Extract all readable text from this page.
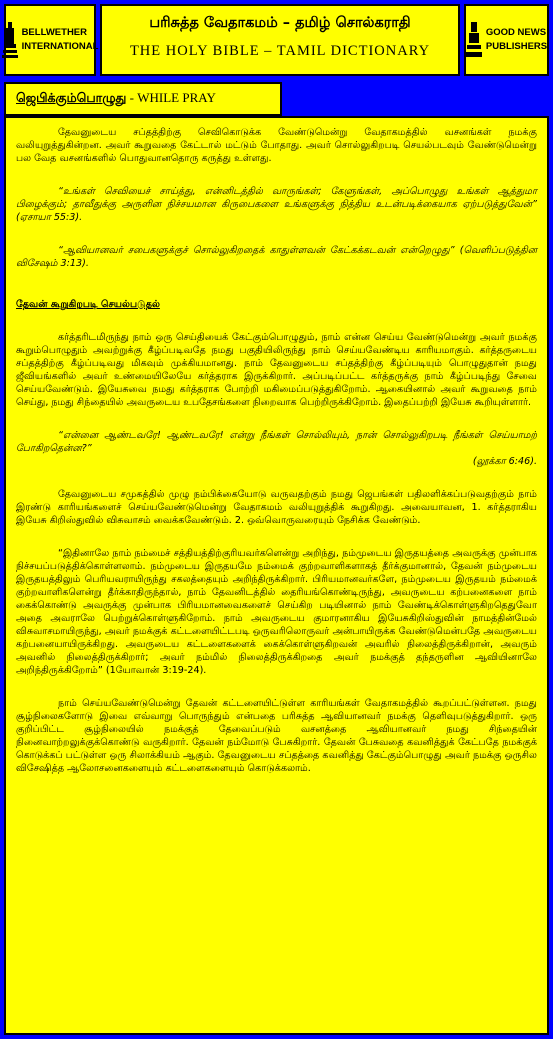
BELLWETHER
INTERNATIONAL
பரிசுத்த வேதாகமம் – தமிழ் சொல்கராதி
THE HOLY BIBLE – TAMIL DICTIONARY
GOOD NEWS
PUBLISHERS
ஜெபிக்கும்பொழுது - WHILE PRAY

தேவனுடைய சப்தத்திற்கு செவிகொடுக்க வேண்டுமென்று வேதாகமத்தில் வசனங்கள் நமக்கு வலியுறுத்துகின்றன. அவர் கூறுவதை கேட்டால் மட்டும் போதாது. அவர் சொல்லுகிறபடி செயல்படவும் வேண்டுமென்று பல வேத வசனங்களில் பொதுவானதொரு கருத்து உள்ளது.

“உங்கள் செவியைச் சாய்த்து, என்னிடத்தில் வாருங்கள்; கேளுங்கள், அப்பொழுது உங்கள் ஆத்துமா பிழைக்கும்; தாவீதுக்கு அருளின நிச்சயமான கிருபைகளை உங்களுக்கு நித்திய உடன்படிக்கையாக ஏற்படுத்துவேன்” (ஏசாயா 55:3).

“ஆவியானவர் சபைகளுக்குச் சொல்லுகிறதைக் காதுள்ளவன் கேட்கக்கடவன் என்றெழுது” (வெளிப்படுத்தின விசேஷம் 3:13).

தேவன் கூறுகிறபடி செயல்படுதல்

கர்த்தரிடமிருந்து நாம் ஒரு செய்தியைக் கேட்கும்பொழுதும், நாம் என்ன செய்ய வேண்டுமென்று அவர் நமக்கு கூறும்பொழுதும் அவற்றுக்கு கீழ்ப்படிவதே நமது பகுதியிலிருந்து நாம் செய்யவேண்டிய காரியமாகும். கர்த்தருடைய சப்தத்திற்கு கீழ்ப்படிவது மிகவும் முக்கியமானது. நாம் தேவனுடைய சப்தத்திற்கு கீழ்ப்படியும் பொழுதுதான் நமது ஜீவியங்களில் அவர் உண்மையிலேயே கர்த்தராக இருக்கிறார். அப்படிப்பட்ட கர்த்தருக்கு நாம் கீழ்ப்படிந்து சேவை செய்யவேண்டும். இயேசுவை நமது கர்த்தராக போற்றி மகிமைப்படுத்துகிறோம். ஆகையினால் அவர் கூறுவதை நாம் செய்து, நமது சிந்தையில் அவருடைய உபதேசங்களை நிறைவாக பெற்றிருக்கிறோம். இதைப்பற்றி இயேசு கூறியுள்ளார்.

“என்னை ஆண்டவரே! ஆண்டவரே! என்று நீங்கள் சொல்லியும், நான் சொல்லுகிறபடி நீங்கள் செய்யாமற் போகிறதென்ன?”

(லூக்கா 6:46).

தேவனுடைய சமுகத்தில் முழு நம்பிக்கையோடு வருவதற்கும் நமது ஜெபங்கள் பதிலளிக்கப்படுவதற்கும் நாம் இரண்டு காரியங்களைச் செய்யவேண்டுமென்று வேதாகமம் வலியுறுத்திக் கூறுகிறது. அவையாவன, 1. கர்த்தராகிய இயேசு கிறிஸ்துவில் விசுவாசம் வைக்கவேண்டும். 2. ஒவ்வொருவரையும் நேசிக்க வேண்டும்.

“இதினாலே நாம் நம்மைச் சத்தியத்திற்குரியவர்களென்று அறிந்து, நம்முடைய இருதயத்தை அவருக்கு முன்பாக நிச்சயப்படுத்திக்கொள்ளலாம். நம்முடைய இருதயமே நம்மைக் குற்றவாளிகளாகத் தீர்க்குமானால், தேவன் நம்முடைய இருதயத்திலும் பெரியவராயிருந்து சகலத்தையும் அறிந்திருக்கிறார். பிரியமானவர்களே, நம்முடைய இருதயம் நம்மைக் குற்றவாளிகளென்று தீர்க்காதிருந்தால், நாம் தேவனிடத்தில் தைரியங்கொண்டிருந்து, அவருடைய கற்பனைகளை நாம் கைக்கொண்டு அவருக்கு முன்பாக பிரியமானவைகளைச் செய்கிற படியினால் நாம் வேண்டிக்கொள்ளுகிறதெதுவோ அதை அவராலே பெற்றுக்கொள்ளுகிறோம். நாம் அவருடைய குமாரனாகிய இயேசுகிறிஸ்துவின் நாமத்தின்மேல் விசுவாசமாயிருந்து, அவர் நமக்குக் கட்டளையிட்டபடி ஒருவரிலொருவர் அன்பாயிருக்க வேண்டுமென்பதே அவருடைய கற்பனையாயிருக்கிறது. அவருடைய கட்டளைகளைக் கைக்கொள்ளுகிறவன் அவரில் நிலைத்திருக்கிறான், அவரும் அவனில் நிலைத்திருக்கிறார்; அவர் நம்மில் நிலைத்திருக்கிறதை அவர் நமக்குத் தந்தருளின ஆவியினாலே அறிந்திருக்கிறோம்” (1யோவான் 3:19-24).

நாம் செய்யவேண்டுமென்று தேவன் கட்டளையிட்டுள்ள காரியங்கள் வேதாகமத்தில் கூறப்பட்டுள்ளன. நமது சூழ்நிலைகளோடு இவை எவ்வாறு பொருந்தும் என்பதை பரிசுத்த ஆவியானவர் நமக்கு தெளிவுபடுத்துகிறார். ஒரு குறிப்பிட்ட சூழ்நிலையில் நமக்குத் தேவைப்படும் வசனத்தை ஆவியானவர் நமது சிந்தையின் நினைவாற்றலுக்குக்கொண்டு வருகிறார். தேவன் நம்மோடு பேசுகிறார். தேவன் பேசுவதை கவனித்துக் கேட்பதே நமக்குக் கொடுக்கப் பட்டுள்ள ஒரு சிலாக்கியம் ஆகும். தேவனுடைய சப்தத்தை கவனித்து கேட்கும்பொழுது அவர் நமக்கு ஒருசில விசேஷித்த ஆலோசனைகளையும் கட்டளைகளையும் கொடுக்கலாம்.
